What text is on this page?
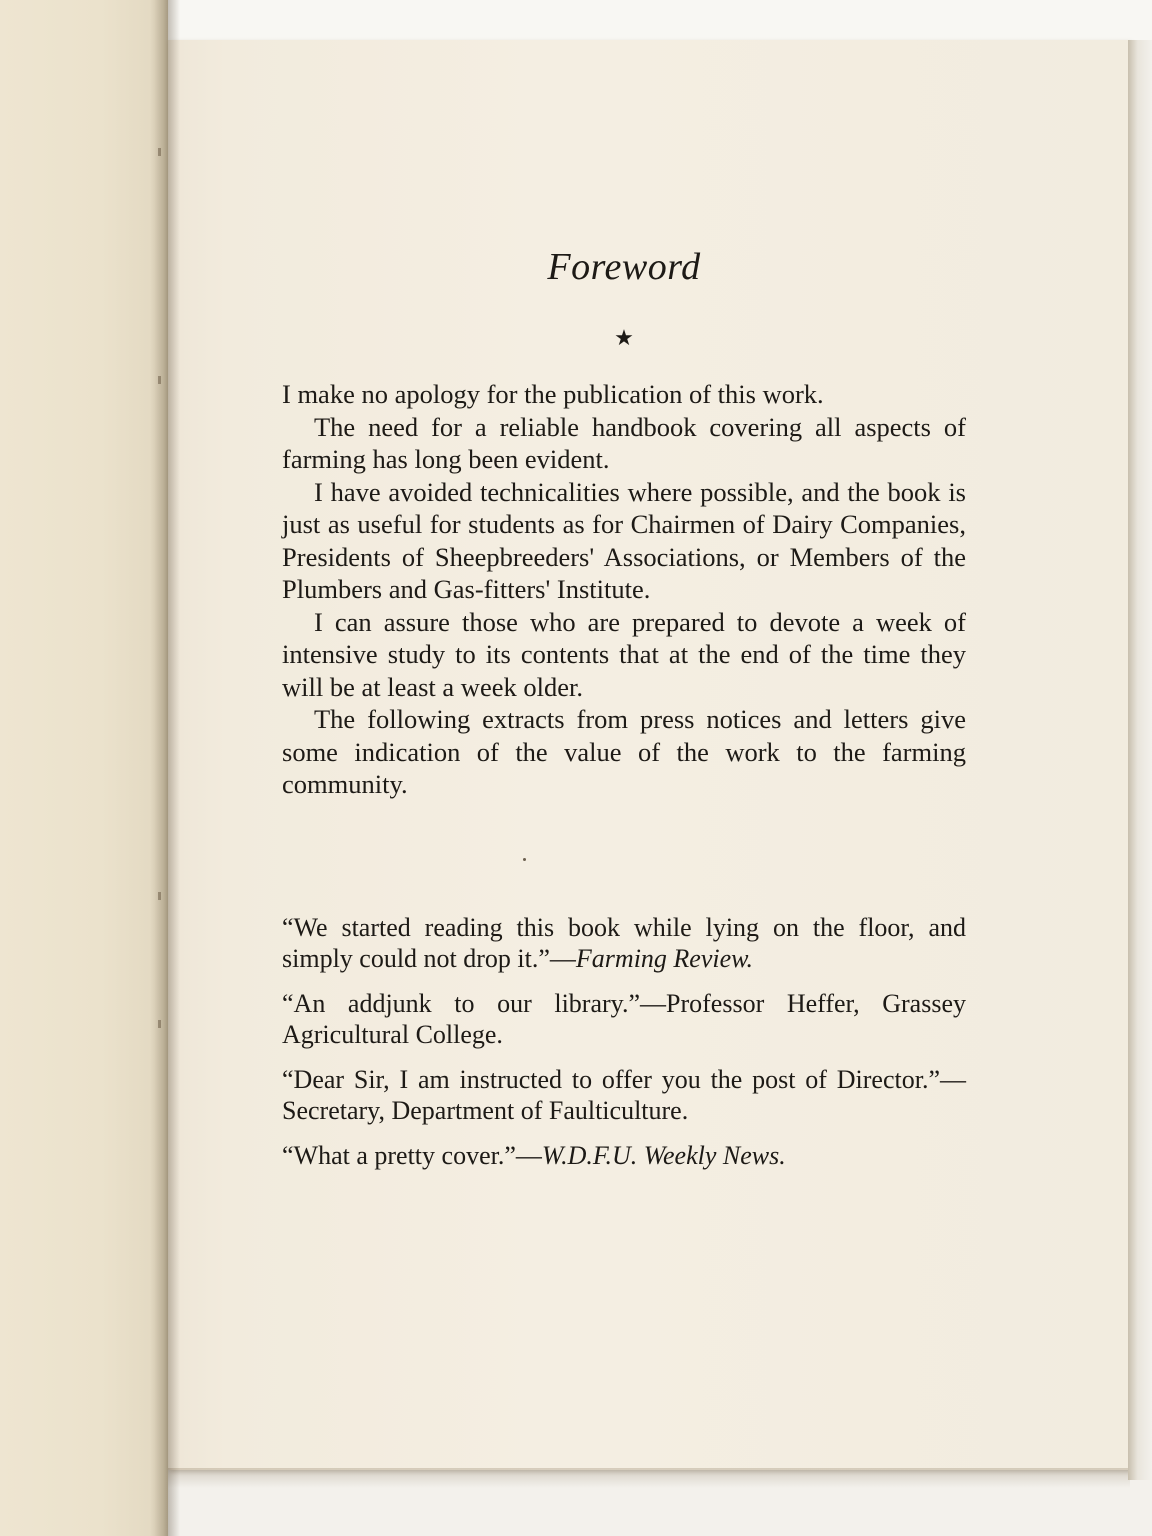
Foreword
★

I make no apology for the publication of this work.

The need for a reliable handbook covering all aspects of farming has long been evident.

I have avoided technicalities where possible, and the book is just as useful for students as for Chairmen of Dairy Companies, Presidents of Sheepbreeders' Associations, or Members of the Plumbers and Gas-fitters' Institute.

I can assure those who are prepared to devote a week of intensive study to its contents that at the end of the time they will be at least a week older.

The following extracts from press notices and letters give some indication of the value of the work to the farming community.

“We started reading this book while lying on the floor, and simply could not drop it.”—Farming Review.

“An addjunk to our library.”—Professor Heffer, Grassey Agricultural College.

“Dear Sir, I am instructed to offer you the post of Director.”—Secretary, Department of Faulticulture.

“What a pretty cover.”—W.D.F.U. Weekly News.
